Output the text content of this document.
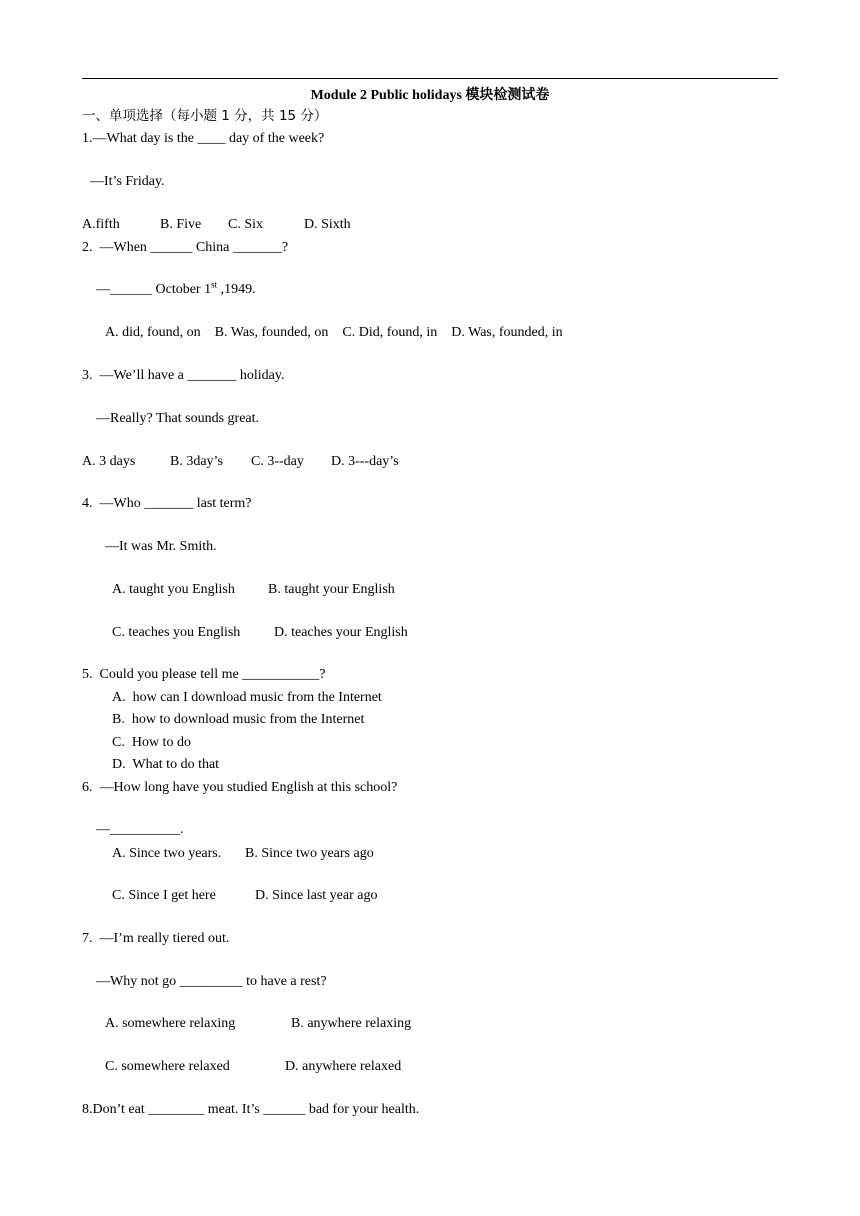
Module 2 Public holidays 模块检测试卷
一、单项选择（每小题 1 分，共 15 分）
1.—What day is the ____ day of the week?
—It’s Friday.
A.fifth	B. Five C. Six	D. Sixth
2.  —When ______ China _______?
—______ October 1st ,1949.
A. did, found, on    B. Was, founded, on    C. Did, found, in    D. Was, founded, in
3.  —We’ll have a _______ holiday.
—Really? That sounds great.
A. 3 days B. 3day’s C. 3--day D. 3---day’s
4.  —Who _______ last term?
—It was Mr. Smith.
A. taught you English B. taught your English
C. teaches you English D. teaches your English
5.  Could you please tell me ___________?
A.  how can I download music from the Internet
B.  how to download music from the Internet
C.  How to do
D.  What to do that
6.  —How long have you studied English at this school?
—__________.
A. Since two years. B. Since two years ago
C. Since I get here	D. Since last year ago
7.  —I’m really tiered out.
—Why not go _________ to have a rest?
A. somewhere relaxing	B. anywhere relaxing
C. somewhere relaxed	D. anywhere relaxed
8.Don’t eat ________ meat. It’s ______ bad for your health.
